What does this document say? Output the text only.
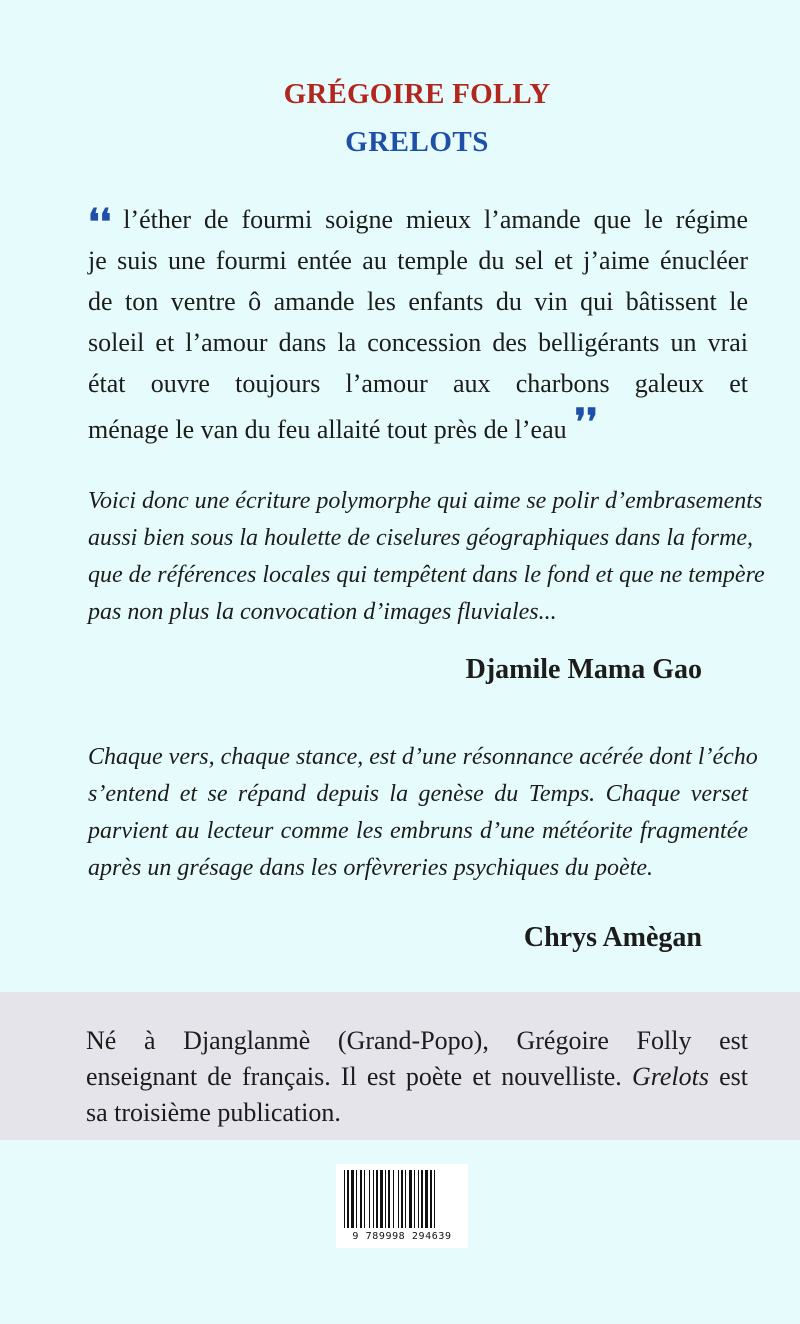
GRÉGOIRE FOLLY
GRELOTS
❛❛ l’éther de fourmi soigne mieux l’amande que le régime
je suis une fourmi entée au temple du sel et j’aime énucléer
de ton ventre ô amande les enfants du vin qui bâtissent le
soleil et l’amour dans la concession des belligérants un vrai
état ouvre toujours l’amour aux charbons galeux et
ménage le van du feu allaité tout près de l’eau ❜❜
Voici donc une écriture polymorphe qui aime se polir d’embrasements
aussi bien sous la houlette de ciselures géographiques dans la forme,
que de références locales qui tempêtent dans le fond et que ne tempère
pas non plus la convocation d’images fluviales...
Djamile Mama Gao
Chaque vers, chaque stance, est d’une résonnance acérée dont l’écho
s’entend et se répand depuis la genèse du Temps. Chaque verset
parvient au lecteur comme les embruns d’une météorite fragmentée
après un grésage dans les orfèvreries psychiques du poète.
Chrys Amègan
Né à Djanglanmè (Grand-Popo), Grégoire Folly est
enseignant de français. Il est poète et nouvelliste. Grelots est
sa troisième publication.
9 789998 294639
